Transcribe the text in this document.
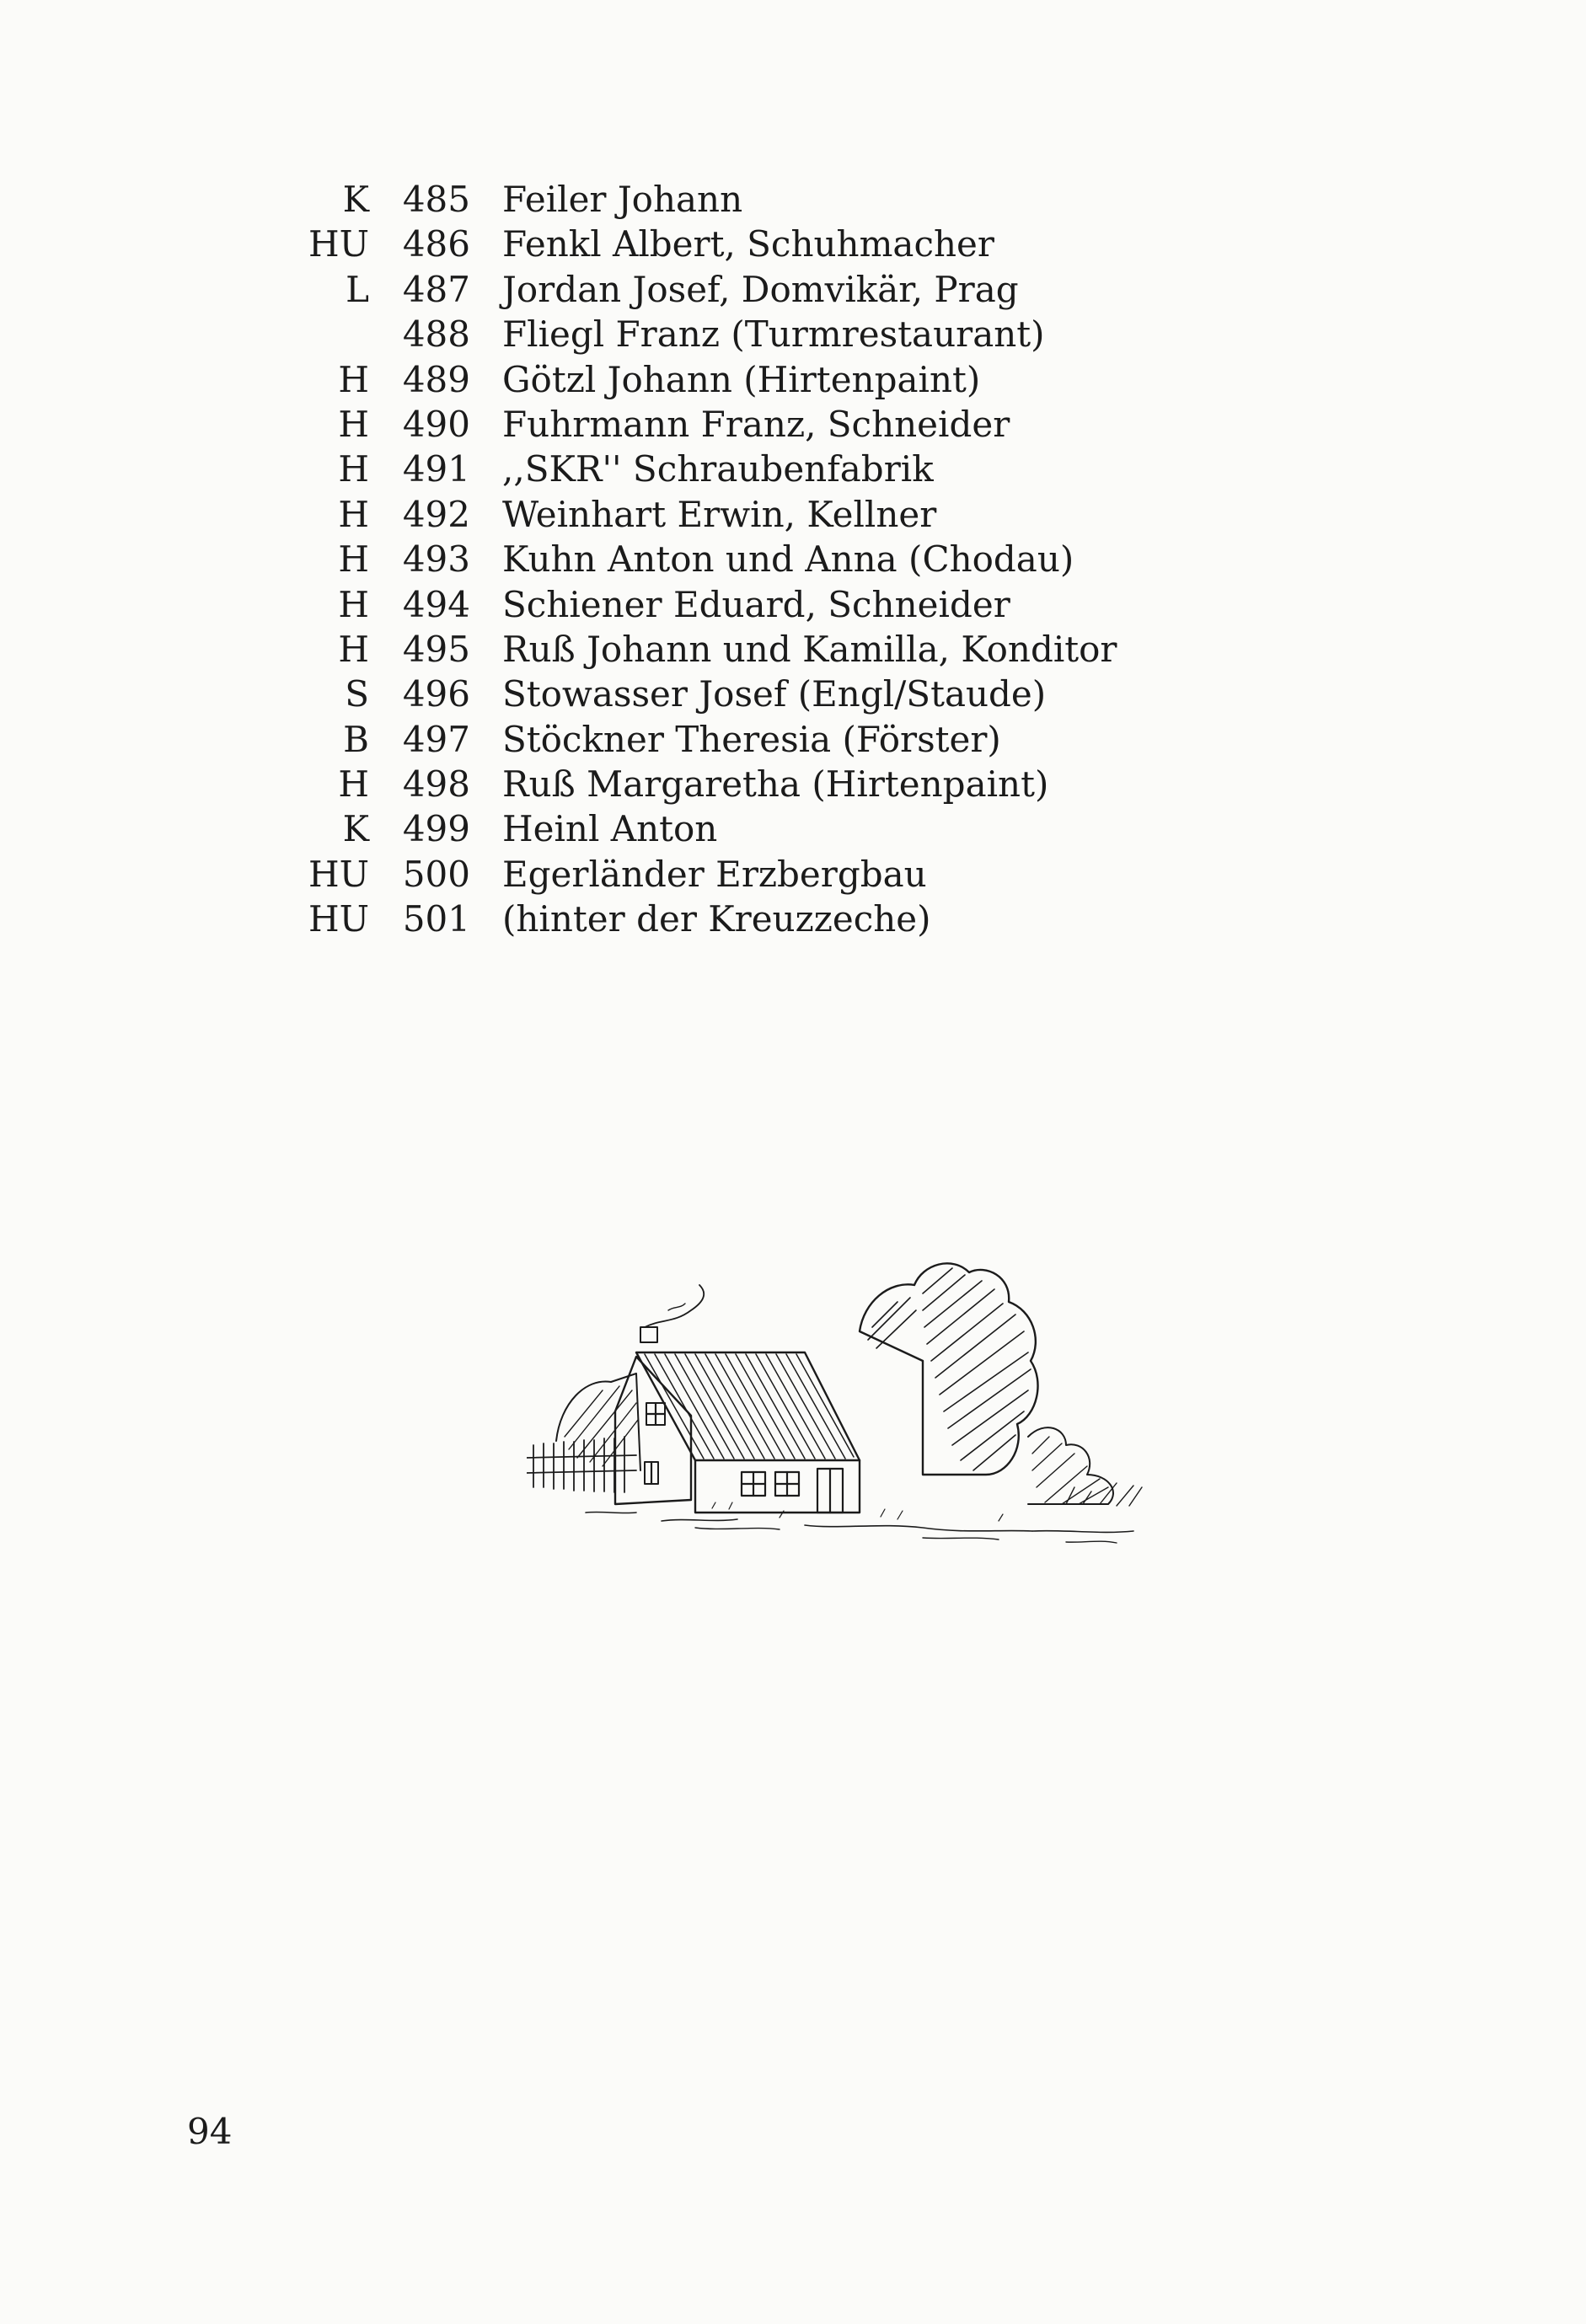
K 485 Feiler Johann
HU 486 Fenkl Albert, Schuhmacher
L 487 Jordan Josef, Domvikär, Prag
488 Fliegl Franz (Turmrestaurant)
H 489 Götzl Johann (Hirtenpaint)
H 490 Fuhrmann Franz, Schneider
H 491 ,,SKR'' Schraubenfabrik
H 492 Weinhart Erwin, Kellner
H 493 Kuhn Anton und Anna (Chodau)
H 494 Schiener Eduard, Schneider
H 495 Ruß Johann und Kamilla, Konditor
S 496 Stowasser Josef (Engl/Staude)
B 497 Stöckner Theresia (Förster)
H 498 Ruß Margaretha (Hirtenpaint)
K 499 Heinl Anton
HU 500 Egerländer Erzbergbau
HU 501 (hinter der Kreuzzeche)
94
